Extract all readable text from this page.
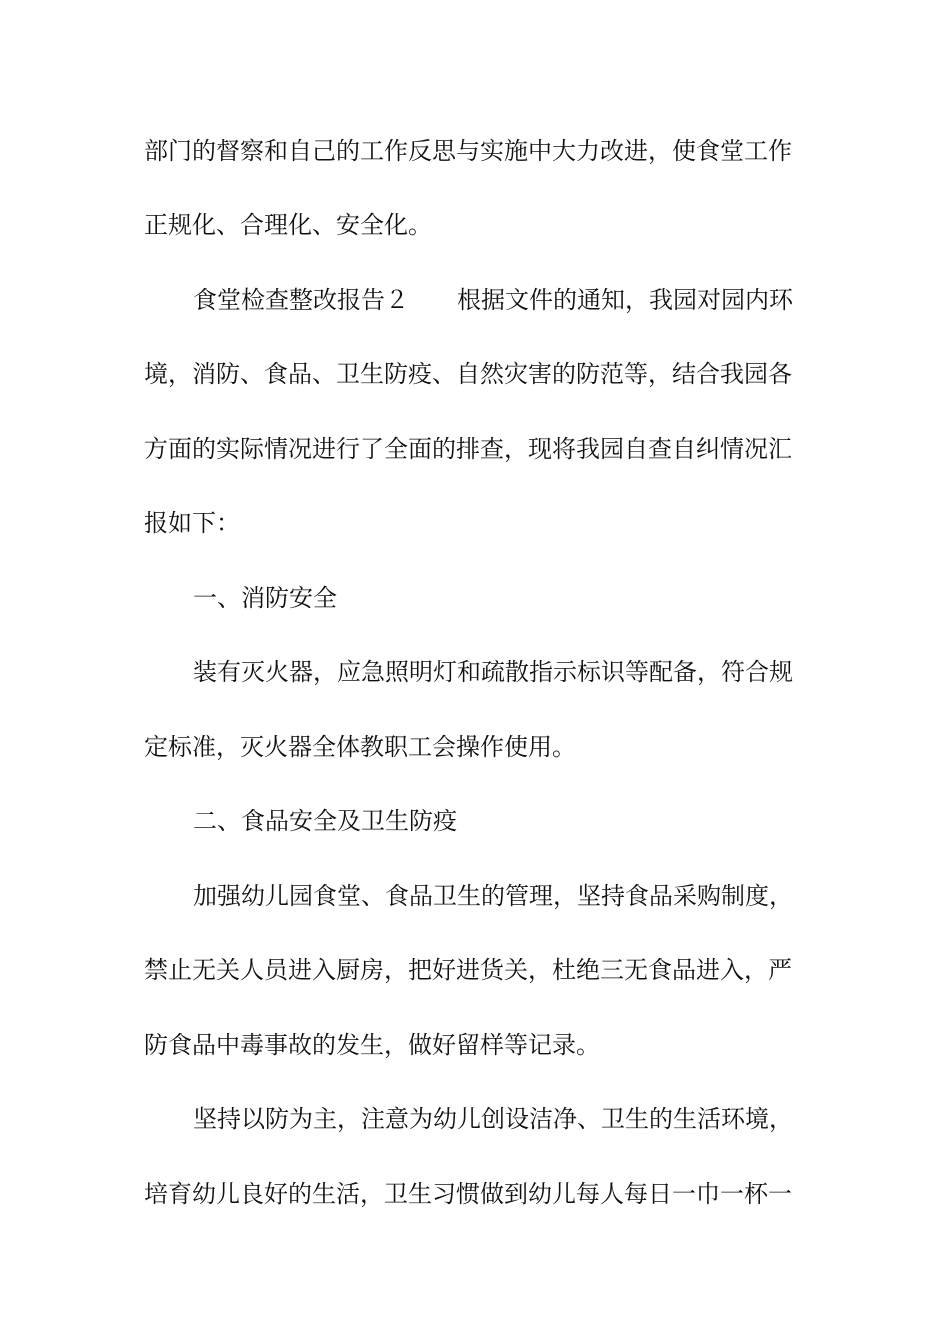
部门的督察和自己的工作反思与实施中大力改进，使食堂工作
正规化、合理化、安全化。
食堂检查整改报告２　　根据文件的通知，我园对园内环
境，消防、食品、卫生防疫、自然灾害的防范等，结合我园各
方面的实际情况进行了全面的排查，现将我园自查自纠情况汇
报如下：
一、消防安全
装有灭火器，应急照明灯和疏散指示标识等配备，符合规
定标准，灭火器全体教职工会操作使用。
二、食品安全及卫生防疫
加强幼儿园食堂、食品卫生的管理，坚持食品采购制度，
禁止无关人员进入厨房，把好进货关，杜绝三无食品进入，严
防食品中毒事故的发生，做好留样等记录。
坚持以防为主，注意为幼儿创设洁净、卫生的生活环境，
培育幼儿良好的生活，卫生习惯做到幼儿每人每日一巾一杯一
